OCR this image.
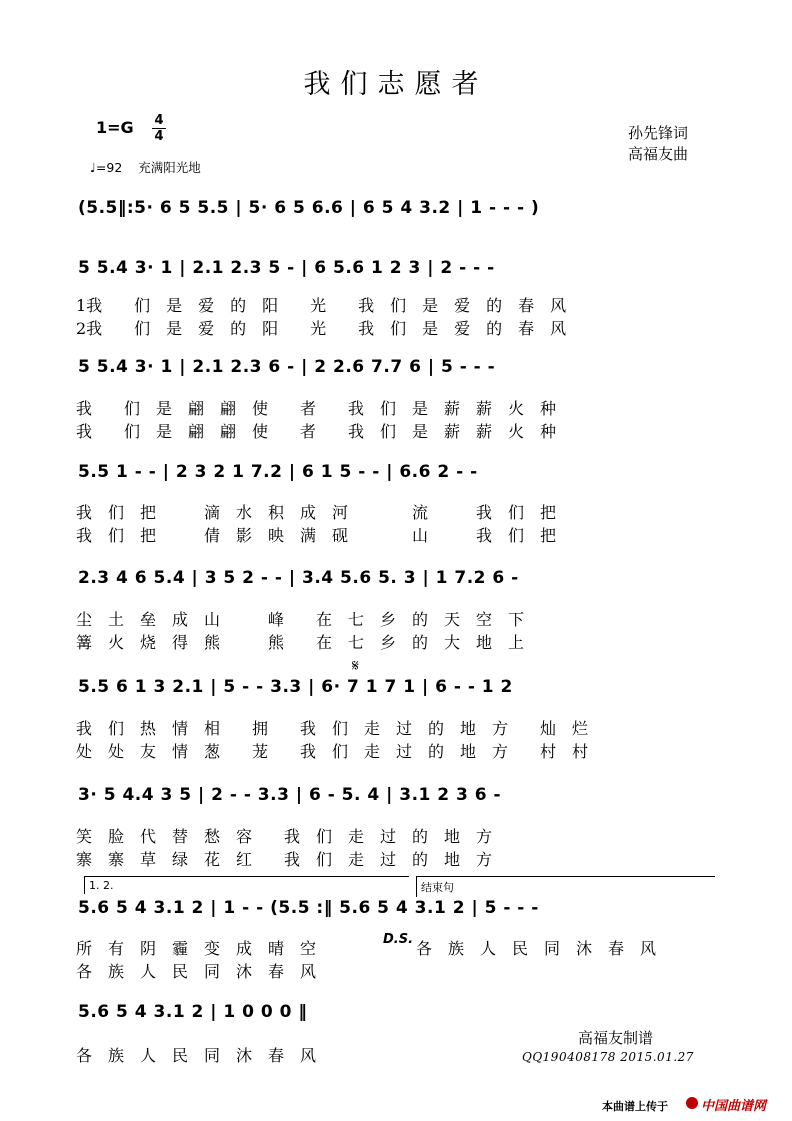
我们志愿者
1=G 4
4
♩=92 充满阳光地
孙先锋词
高福友曲
(5.5‖:5· 6 5 5.5 | 5· 6 5 6.6 | 6 5 4 3.2 | 1 - - - )
5 5.4 3· 1 | 2.1 2.3 5 - | 6 5.6 1 2 3 | 2 - - -
1我　　们　是　爱　的　阳　　光　　我　们　是　爱　的　春　风
2我　　们　是　爱　的　阳　　光　　我　们　是　爱　的　春　风
5 5.4 3· 1 | 2.1 2.3 6 - | 2 2.6 7.7 6 | 5 - - -
我　　们　是　翩　翩　使　　者　　我　们　是　薪　薪　火　种
我　　们　是　翩　翩　使　　者　　我　们　是　薪　薪　火　种
5.5 1 - - | 2 3 2 1 7.2 | 6 1 5 - - | 6.6 2 - -
我　们　把　　　滴　水　积　成　河　　　　流　　　我　们　把
我　们　把　　　倩　影　映　满　砚　　　　山　　　我　们　把
2.3 4 6 5.4 | 3 5 2 - - | 3.4 5.6 5. 3 | 1 7.2 6 -
尘　土　垒　成　山　　　峰　　在　七　乡　的　天　空　下
篝　火　烧　得　熊　　　熊　　在　七　乡　的　大　地　上
𝄋
5.5 6 1 3 2.1 | 5 - - 3.3 | 6· 7 1 7 1 | 6 - - 1 2
我　们　热　情　相　　拥　　我　们　走　过　的　地　方　　灿　烂
处　处　友　情　葱　　茏　　我　们　走　过　的　地　方　　村　村
3· 5 4.4 3 5 | 2 - - 3.3 | 6 - 5. 4 | 3.1 2 3 6 -
笑　脸　代　替　愁　容　　我　们　走　过　的　地　方
寨　寨　草　绿　花　红　　我　们　走　过　的　地　方
1. 2.	结束句
5.6 5 4 3.1 2 | 1 - - (5.5 :‖ 5.6 5 4 3.1 2 | 5 - - -
所　有　阴　霾　变　成　晴　空	D.S. 各　族　人　民　同　沐　春　风
各　族　人　民　同　沐　春　风
5.6 5 4 3.1 2 | 1 0 0 0 ‖
各　族　人　民　同　沐　春　风
高福友制谱
QQ190408178 2015.01.27
本曲谱上传于	中国曲谱网
